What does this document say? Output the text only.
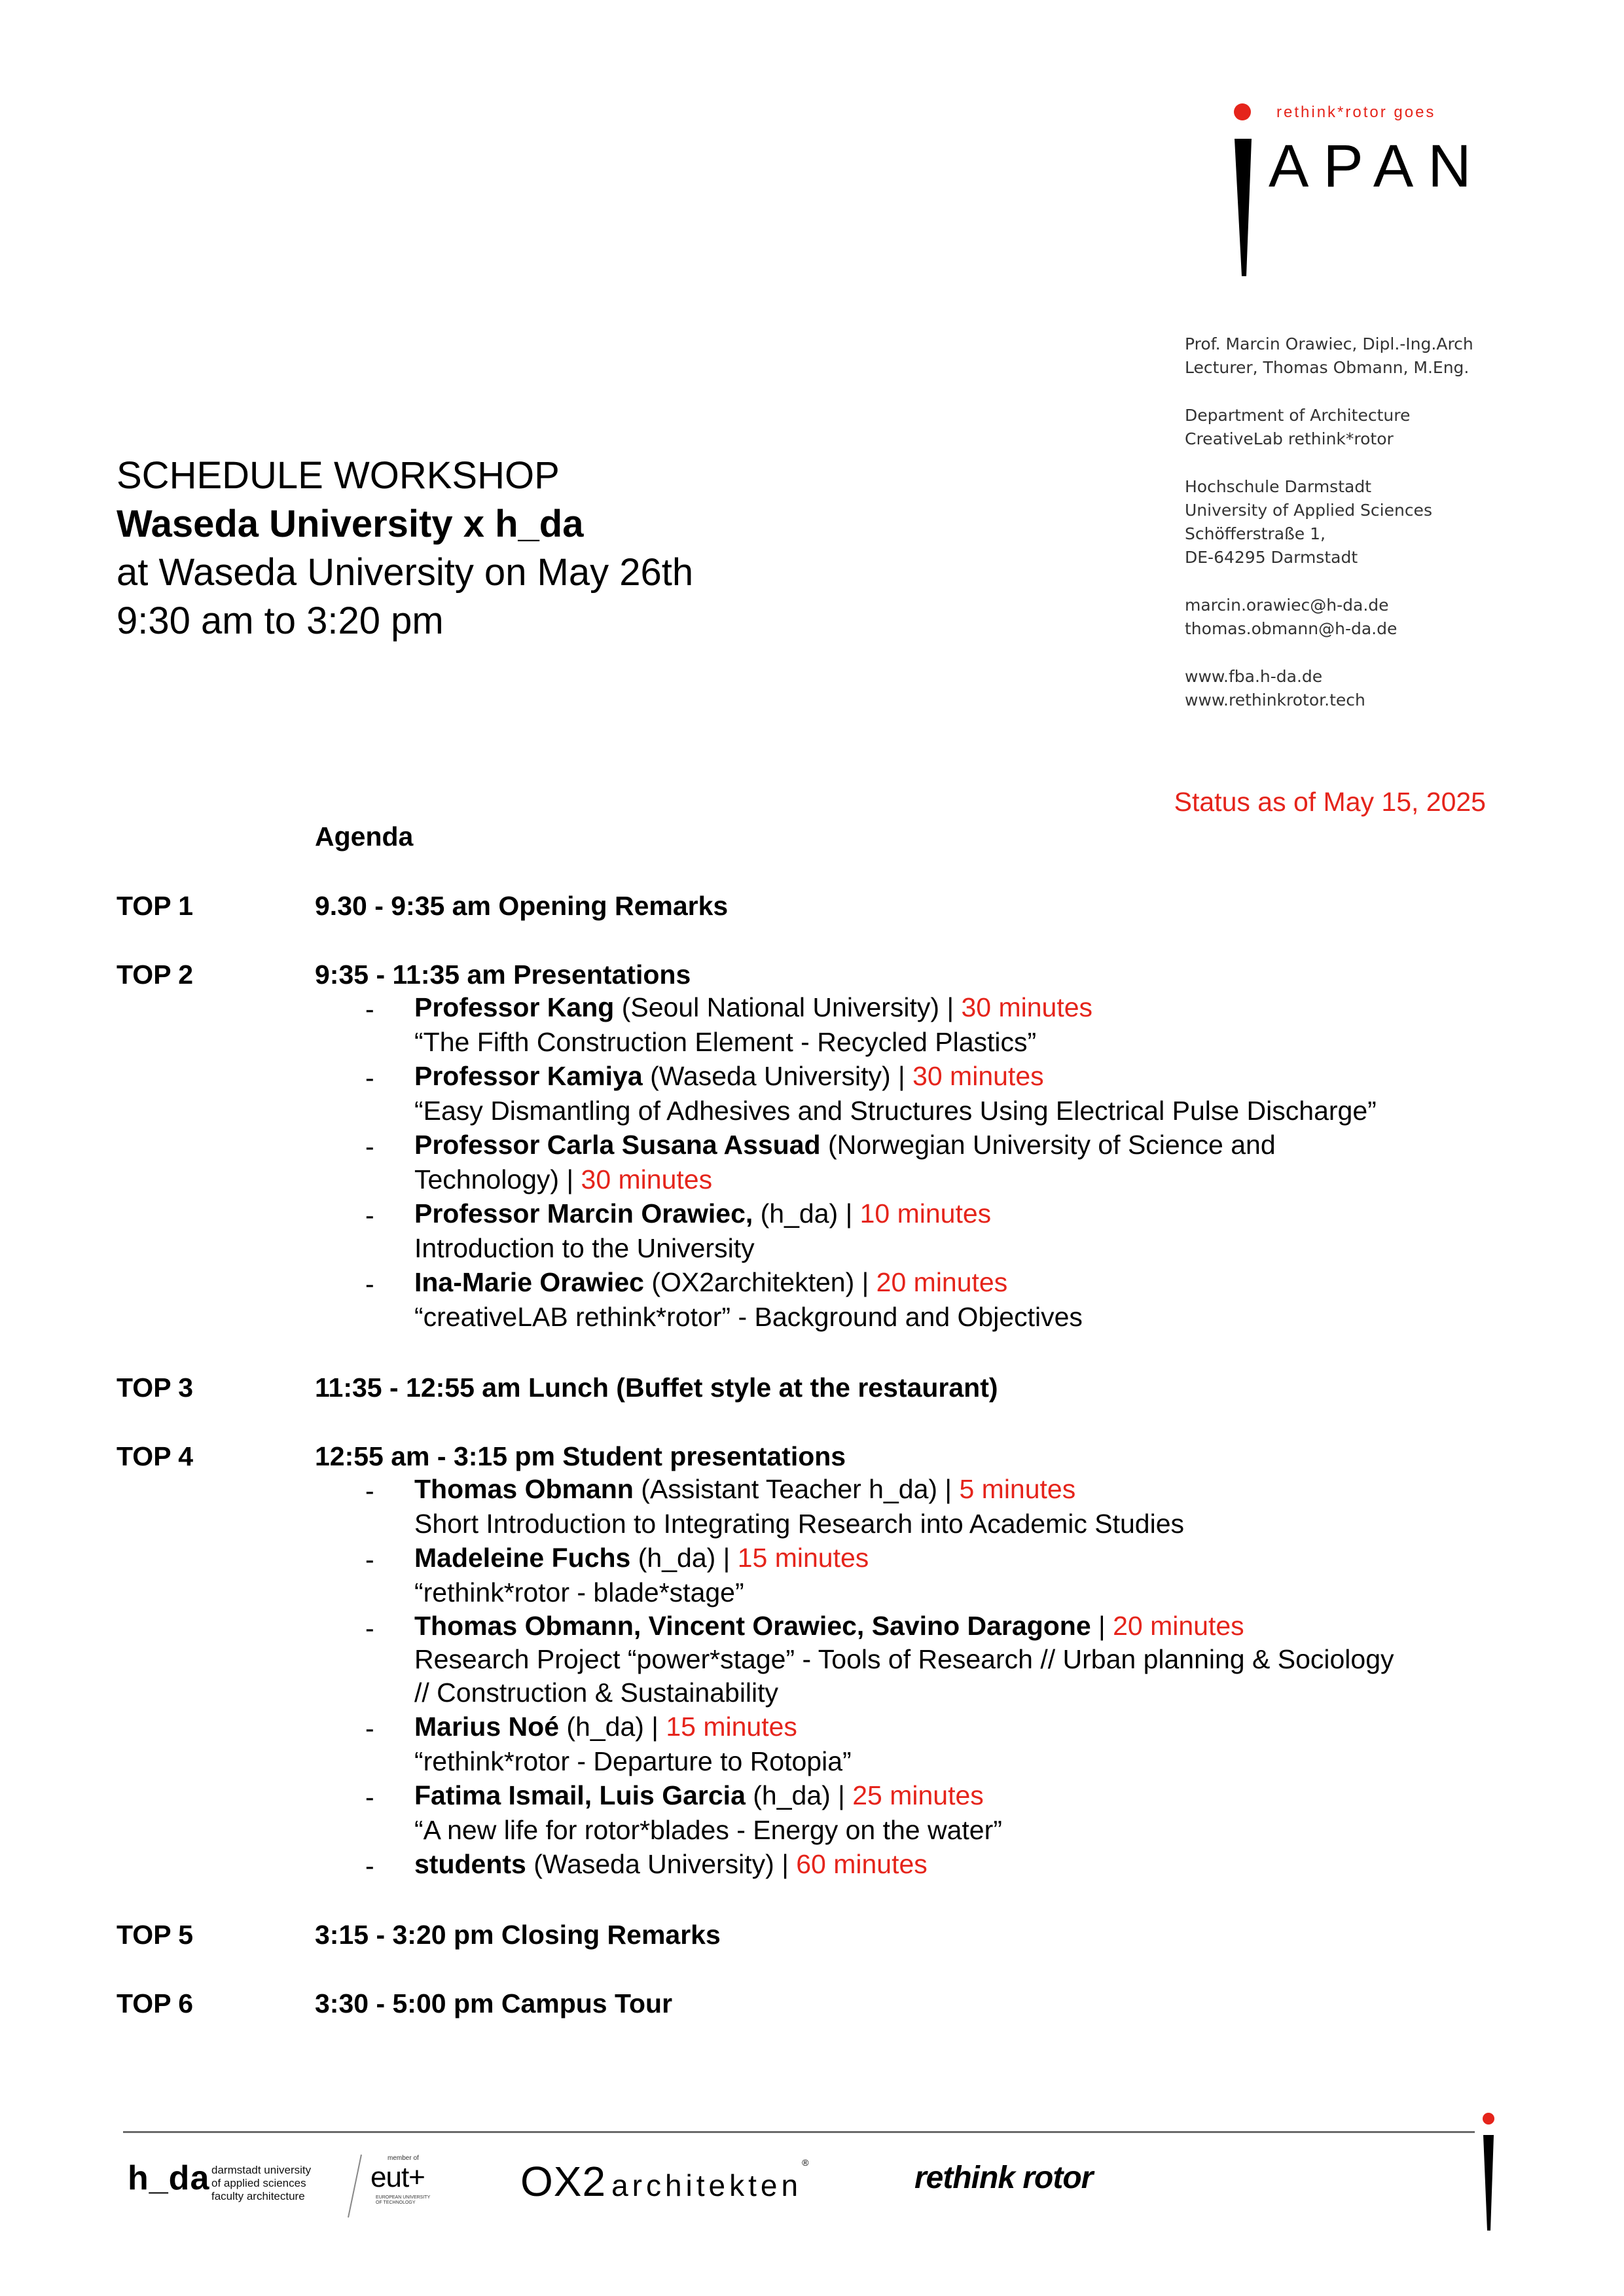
rethink*rotor goes
APAN
Prof. Marcin Orawiec, Dipl.-Ing.Arch
Lecturer, Thomas Obmann, M.Eng.
Department of Architecture
CreativeLab rethink*rotor
Hochschule Darmstadt
University of Applied Sciences
Schöfferstraße 1,
DE-64295 Darmstadt
marcin.orawiec@h-da.de
thomas.obmann@h-da.de
www.fba.h-da.de
www.rethinkrotor.tech
SCHEDULE WORKSHOP
Waseda University x h_da
at Waseda University on May 26th
9:30 am to 3:20 pm
Status as of May 15, 2025
Agenda
TOP 1	9.30 - 9:35 am Opening Remarks
TOP 2	9:35 - 11:35 am Presentations
- Professor Kang (Seoul National University) | 30 minutes
“The Fifth Construction Element - Recycled Plastics”
- Professor Kamiya (Waseda University) | 30 minutes
“Easy Dismantling of Adhesives and Structures Using Electrical Pulse Discharge”
- Professor Carla Susana Assuad (Norwegian University of Science and
Technology) | 30 minutes
- Professor Marcin Orawiec, (h_da) | 10 minutes
Introduction to the University
- Ina-Marie Orawiec (OX2architekten) | 20 minutes
“creativeLAB rethink*rotor” - Background and Objectives
TOP 3	11:35 - 12:55 am Lunch (Buffet style at the restaurant)
TOP 4	12:55 am - 3:15 pm Student presentations
- Thomas Obmann (Assistant Teacher h_da) | 5 minutes
Short Introduction to Integrating Research into Academic Studies
- Madeleine Fuchs (h_da) | 15 minutes
“rethink*rotor - blade*stage”
- Thomas Obmann, Vincent Orawiec, Savino Daragone | 20 minutes
Research Project “power*stage” - Tools of Research // Urban planning & Sociology
// Construction & Sustainability
- Marius Noé (h_da) | 15 minutes
“rethink*rotor - Departure to Rotopia”
- Fatima Ismail, Luis Garcia (h_da) | 25 minutes
“A new life for rotor*blades - Energy on the water”
- students (Waseda University) | 60 minutes
TOP 5	3:15 - 3:20 pm Closing Remarks
TOP 6	3:30 - 5:00 pm Campus Tour
h_da darmstadt university
of applied sciences
faculty architecture
member of
eut+
EUROPEAN UNIVERSITY
OF TECHNOLOGY	OX2 architekten®	rethink rotor
